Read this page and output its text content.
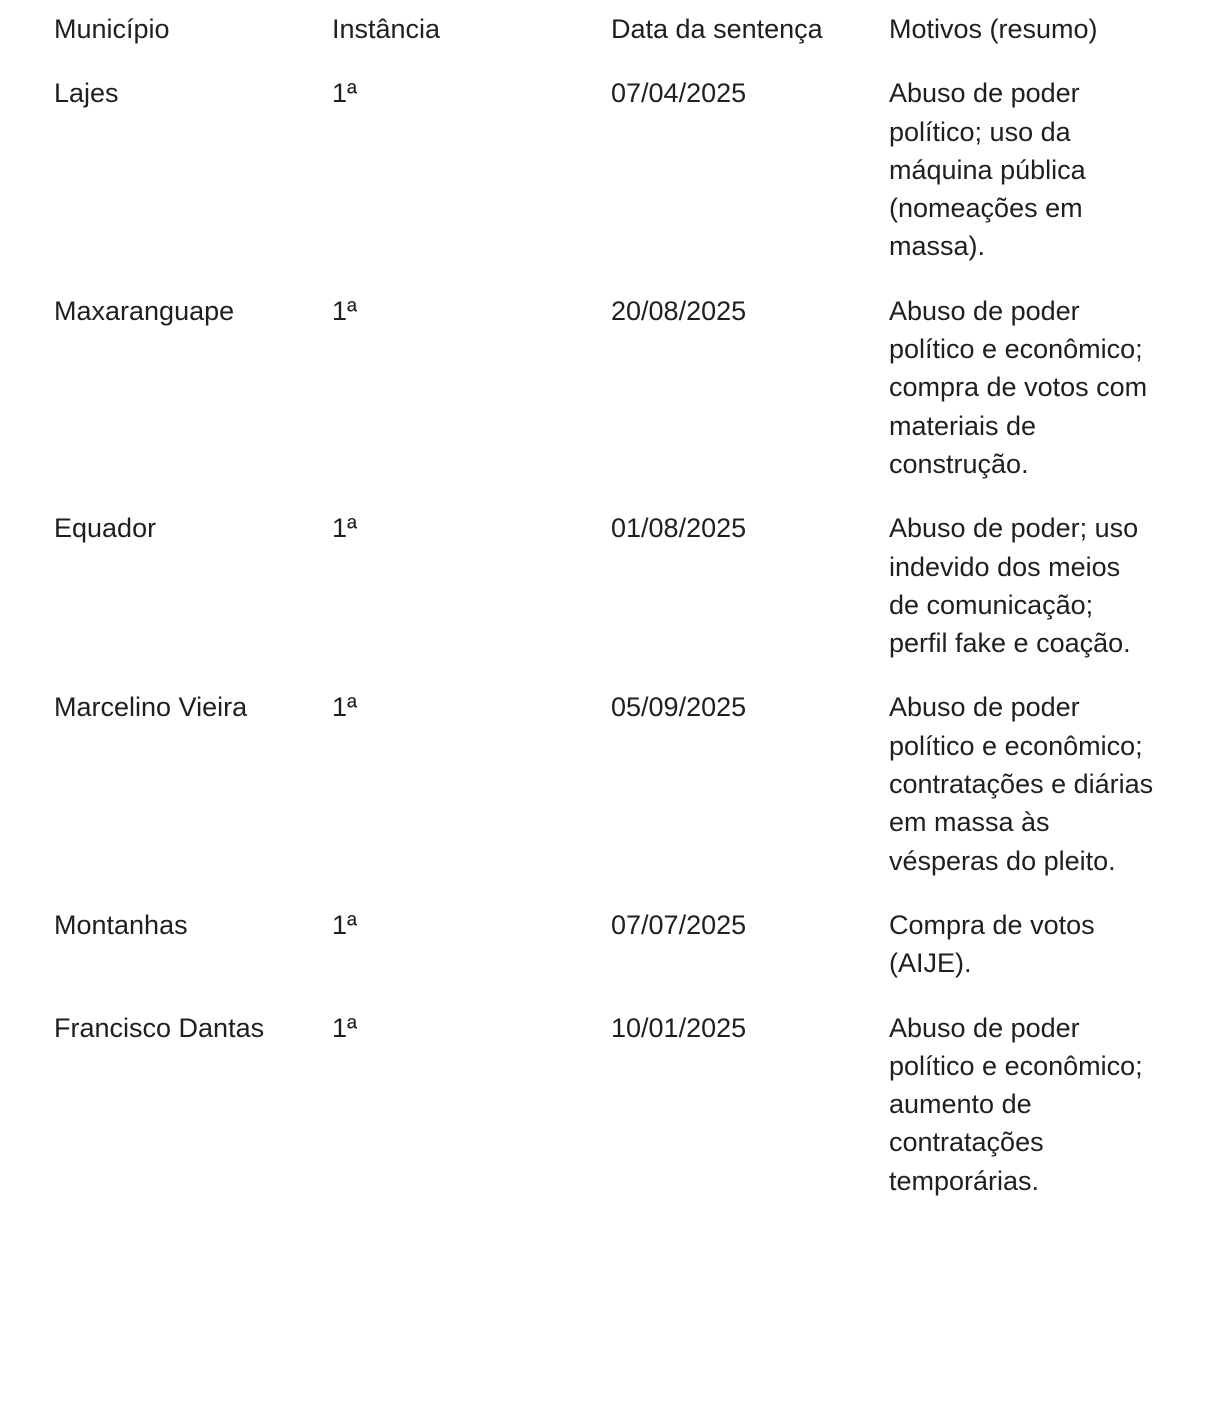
Município	Instância	Data da sentença	Motivos (resumo)
Lajes	1ª	07/04/2025	Abuso de poder político; uso da máquina pública (nomeações em massa).
Maxaranguape	1ª	20/08/2025	Abuso de poder político e econômico; compra de votos com materiais de construção.
Equador	1ª	01/08/2025	Abuso de poder; uso indevido dos meios de comunicação; perfil fake e coação.
Marcelino Vieira	1ª	05/09/2025	Abuso de poder político e econômico; contratações e diárias em massa às vésperas do pleito.
Montanhas	1ª	07/07/2025	Compra de votos (AIJE).
Francisco Dantas	1ª	10/01/2025	Abuso de poder político e econômico; aumento de contratações temporárias.
